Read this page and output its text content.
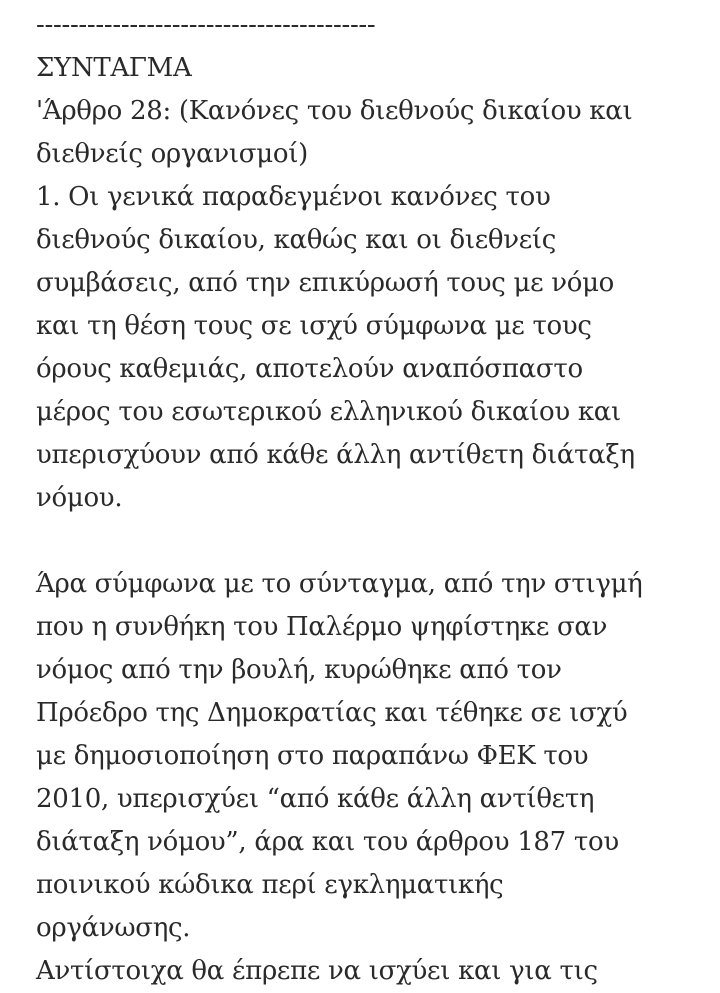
----------------------------------------
ΣΥΝΤΑΓΜΑ
'Άρθρο 28: (Κανόνες του διεθνούς δικαίου και
διεθνείς οργανισμοί)
1. Οι γενικά παραδεγμένοι κανόνες του
διεθνούς δικαίου, καθώς και οι διεθνείς
συμβάσεις, από την επικύρωσή τους με νόμο
και τη θέση τους σε ισχύ σύμφωνα με τους
όρους καθεμιάς, αποτελούν αναπόσπαστο
μέρος του εσωτερικού ελληνικού δικαίου και
υπερισχύουν από κάθε άλλη αντίθετη διάταξη
νόμου.
Άρα σύμφωνα με το σύνταγμα, από την στιγμή
που η συνθήκη του Παλέρμο ψηφίστηκε σαν
νόμος από την βουλή, κυρώθηκε από τον
Πρόεδρο της Δημοκρατίας και τέθηκε σε ισχύ
με δημοσιοποίηση στο παραπάνω ΦΕΚ του
2010, υπερισχύει “από κάθε άλλη αντίθετη
διάταξη νόμου”, άρα και του άρθρου 187 του
ποινικού κώδικα περί εγκληματικής
οργάνωσης.
Αντίστοιχα θα έπρεπε να ισχύει και για τις
